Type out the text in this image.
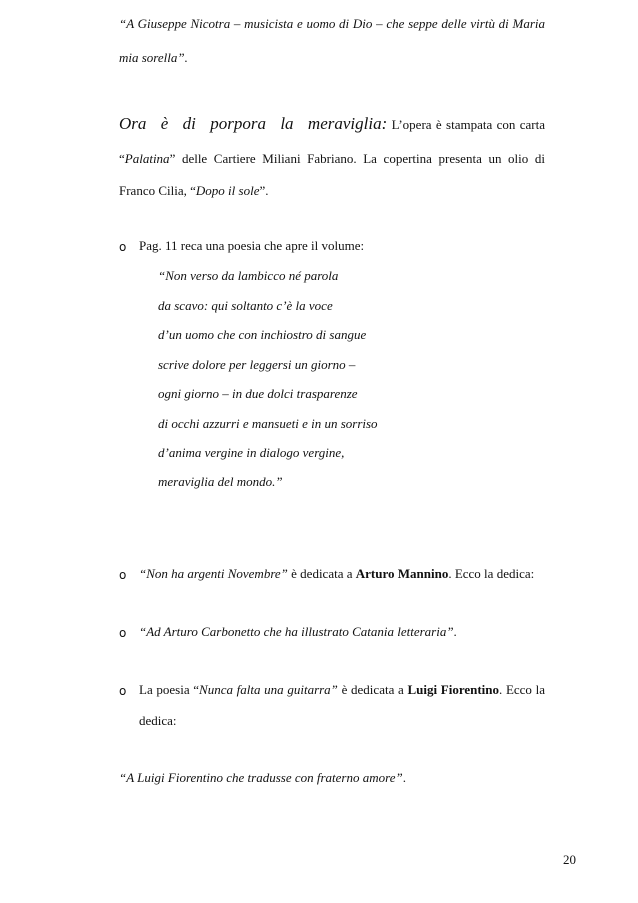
“A Giuseppe Nicotra – musicista e uomo di Dio – che seppe delle virtù di Maria
mia sorella”.
Ora è di porpora la meraviglia: L’opera è stampata con carta
“Palatina” delle Cartiere Miliani Fabriano. La copertina presenta un olio di
Franco Cilia, “Dopo il sole”.
o Pag. 11 reca una poesia che apre il volume:
“Non verso da lambicco né parola
da scavo: qui soltanto c’è la voce
d’un uomo che con inchiostro di sangue
scrive dolore per leggersi un giorno –
ogni giorno – in due dolci trasparenze
di occhi azzurri e mansueti e in un sorriso
d’anima vergine in dialogo vergine,
meraviglia del mondo.”
o “Non ha argenti Novembre” è dedicata a Arturo Mannino. Ecco la dedica:
o “Ad Arturo Carbonetto che ha illustrato Catania letteraria”.
o La poesia “Nunca falta una guitarra” è dedicata a Luigi Fiorentino. Ecco la
dedica:
“A Luigi Fiorentino che tradusse con fraterno amore”.
20
